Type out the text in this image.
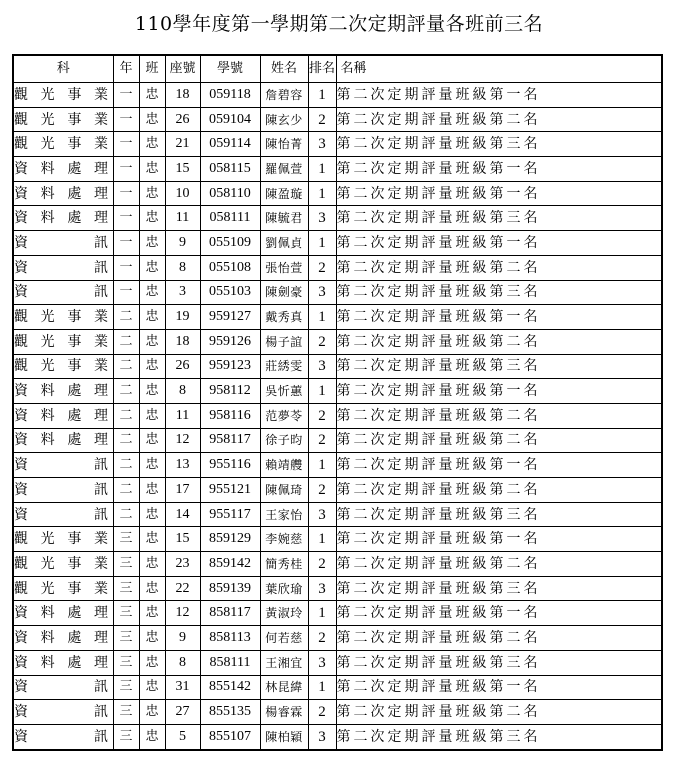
110學年度第一學期第二次定期評量各班前三名
科	年	班	座號	學號	姓名	排名	名稱
觀光事業	一	忠	18	059118	詹碧容	1	第二次定期評量班級第一名
觀光事業	一	忠	26	059104	陳玄少	2	第二次定期評量班級第二名
觀光事業	一	忠	21	059114	陳怡菁	3	第二次定期評量班級第三名
資料處理	一	忠	15	058115	羅佩萱	1	第二次定期評量班級第一名
資料處理	一	忠	10	058110	陳盈璇	1	第二次定期評量班級第一名
資料處理	一	忠	11	058111	陳毓君	3	第二次定期評量班級第三名
資訊	一	忠	9	055109	劉佩貞	1	第二次定期評量班級第一名
資訊	一	忠	8	055108	張怡萱	2	第二次定期評量班級第二名
資訊	一	忠	3	055103	陳劍豪	3	第二次定期評量班級第三名
觀光事業	二	忠	19	959127	戴秀真	1	第二次定期評量班級第一名
觀光事業	二	忠	18	959126	楊子誼	2	第二次定期評量班級第二名
觀光事業	二	忠	26	959123	莊綉雯	3	第二次定期評量班級第三名
資料處理	二	忠	8	958112	吳忻蕙	1	第二次定期評量班級第一名
資料處理	二	忠	11	958116	范夢苓	2	第二次定期評量班級第二名
資料處理	二	忠	12	958117	徐子昀	2	第二次定期評量班級第二名
資訊	二	忠	13	955116	賴靖艭	1	第二次定期評量班級第一名
資訊	二	忠	17	955121	陳佩琦	2	第二次定期評量班級第二名
資訊	二	忠	14	955117	王家怡	3	第二次定期評量班級第三名
觀光事業	三	忠	15	859129	李婉慈	1	第二次定期評量班級第一名
觀光事業	三	忠	23	859142	簡秀桂	2	第二次定期評量班級第二名
觀光事業	三	忠	22	859139	葉欣瑜	3	第二次定期評量班級第三名
資料處理	三	忠	12	858117	黃淑玲	1	第二次定期評量班級第一名
資料處理	三	忠	9	858113	何若慈	2	第二次定期評量班級第二名
資料處理	三	忠	8	858111	王湘宜	3	第二次定期評量班級第三名
資訊	三	忠	31	855142	林昆緯	1	第二次定期評量班級第一名
資訊	三	忠	27	855135	楊睿霖	2	第二次定期評量班級第二名
資訊	三	忠	5	855107	陳柏穎	3	第二次定期評量班級第三名
